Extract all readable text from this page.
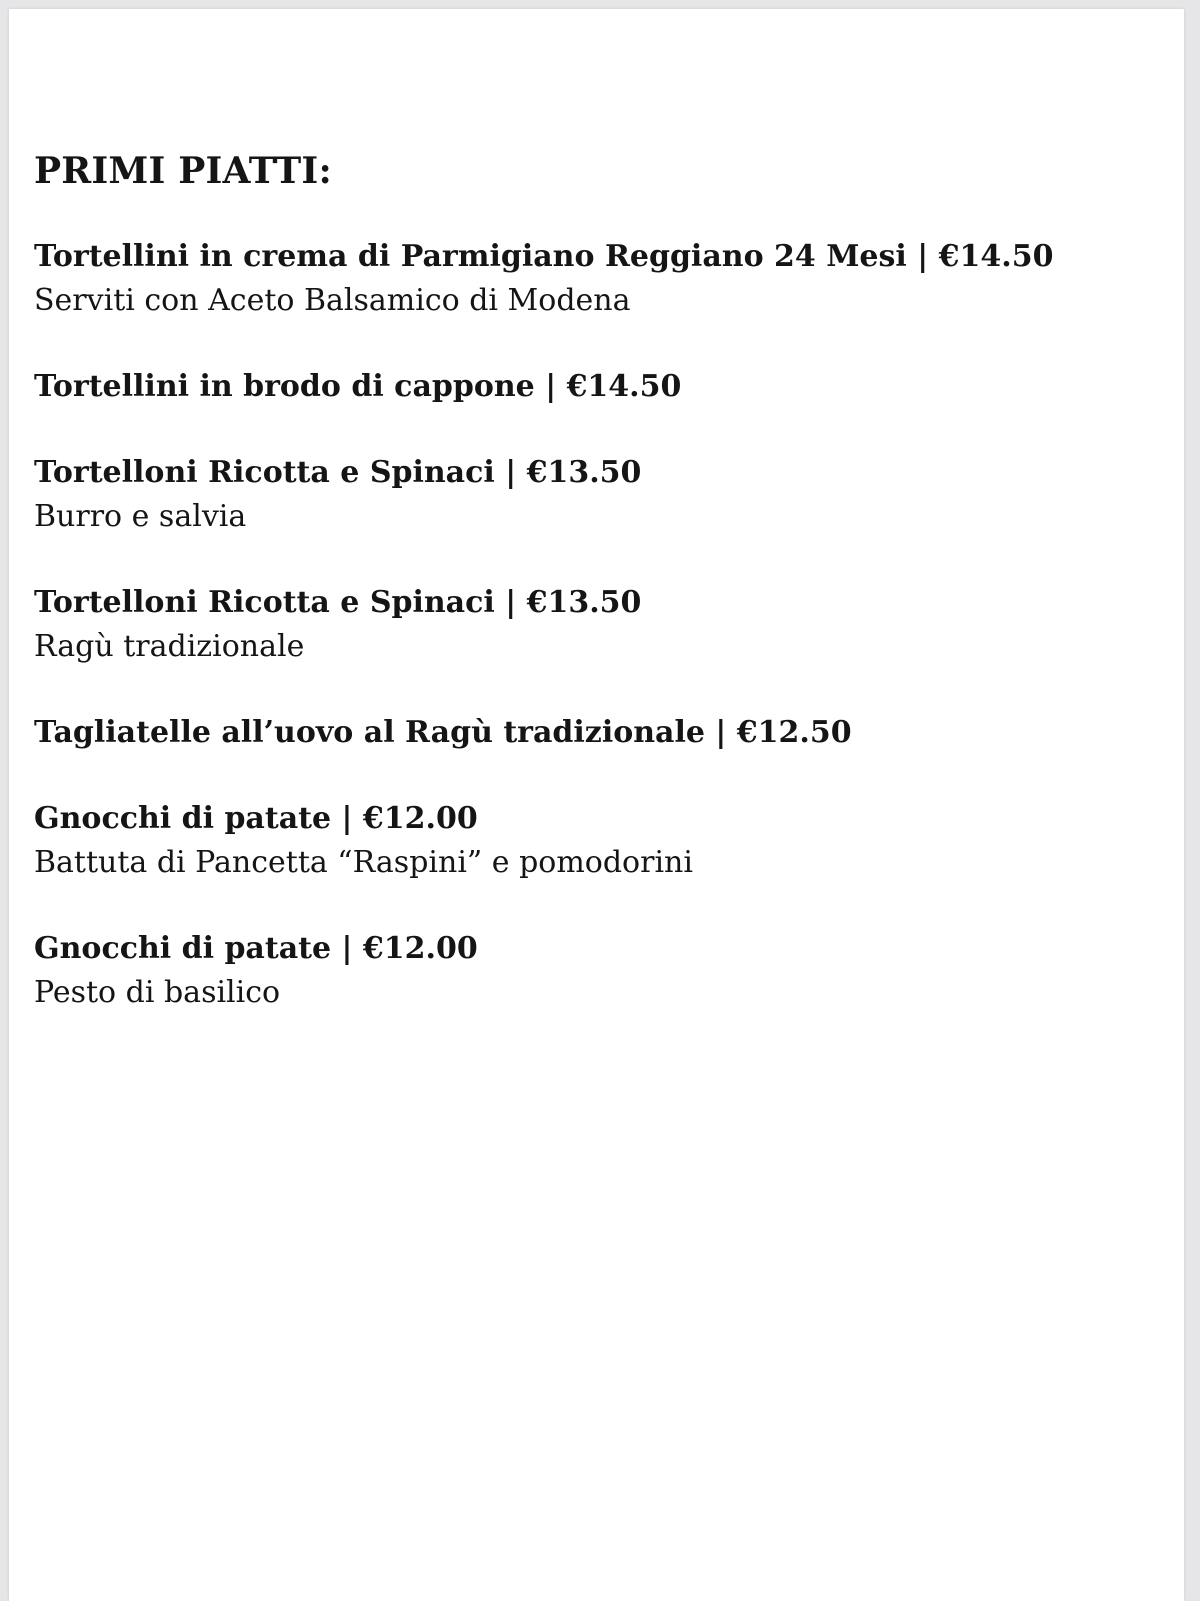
PRIMI PIATTI:
Tortellini in crema di Parmigiano Reggiano 24 Mesi | €14.50
Serviti con Aceto Balsamico di Modena
Tortellini in brodo di cappone | €14.50
Tortelloni Ricotta e Spinaci | €13.50
Burro e salvia
Tortelloni Ricotta e Spinaci | €13.50
Ragù tradizionale
Tagliatelle all’uovo al Ragù tradizionale | €12.50
Gnocchi di patate | €12.00
Battuta di Pancetta “Raspini” e pomodorini
Gnocchi di patate | €12.00
Pesto di basilico
